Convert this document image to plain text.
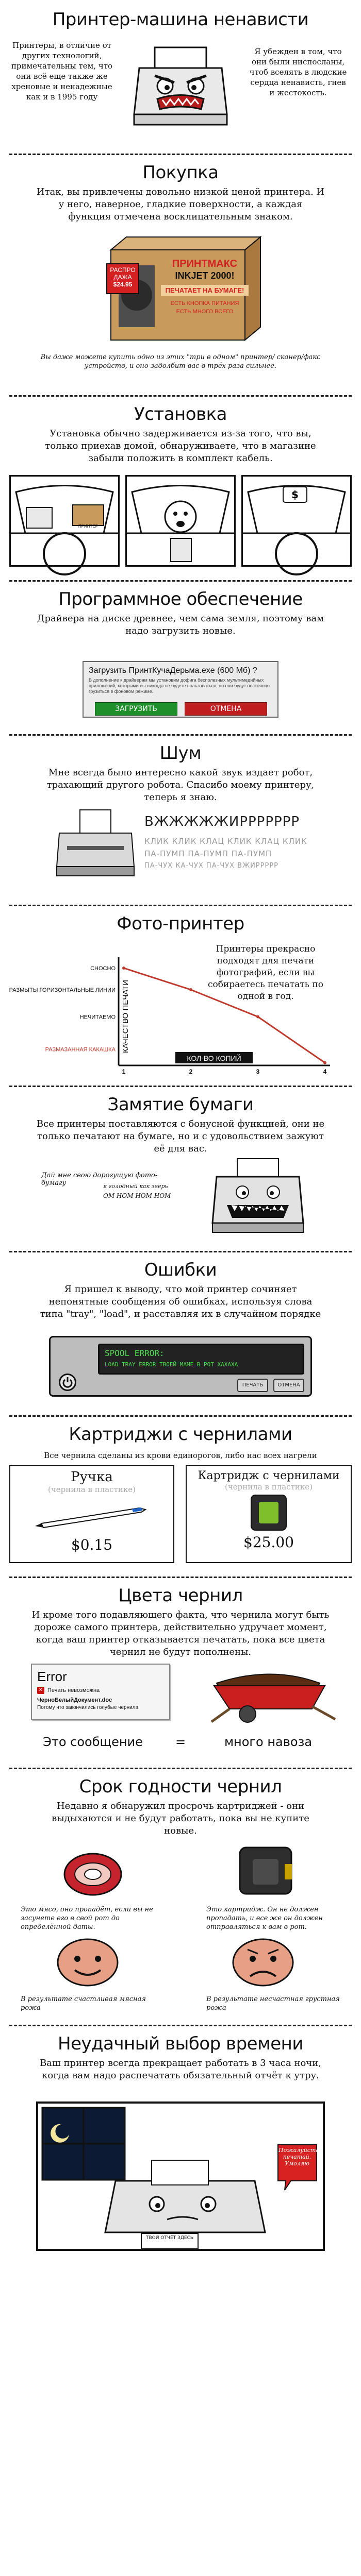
Принтер-машина ненависти
Принтеры, в отличие от других технологий, примечательны тем, что они всё еще также же хреновые и ненадежные как и в 1995 году
Я убежден в том, что они были ниспосланы, чтоб вселять в людские сердца ненависть, гнев и жестокость.
Покупка
Итак, вы привлечены довольно низкой ценой принтера. И у него, наверное, гладкие поверхности, а каждая функция отмечена восклицательным знаком.
РАСПРО
ДАЖА
$24.95
ПРИНТМАКС
INKJET 2000!
ПЕЧАТАЕТ НА БУМАГЕ!
ЕСТЬ КНОПКА ПИТАНИЯ
ЕСТЬ МНОГО ВСЕГО
Вы даже можете купить одно из этих "три в одном" принтер/ сканер/факс устройств, и оно задолбит вас в трёх раза сильнее.
Установка
Установка обычно задерживается из-за того, что вы, только приехав домой, обнаруживаете, что в магазине забыли положить в комплект кабель.
ПРИНТЕР
$
Программное обеспечение
Драйвера на диске древнее, чем сама земля, поэтому вам надо загрузить новые.
Загрузить ПринтКучаДерьма.exe (600 Мб) ?
В дополнение к драйверам мы установим дофига бесполезных мультимедийных приложений, которыми вы никогда не будете пользоваться, но они будут постоянно грузиться в фоновом режиме.
ЗАГРУЗИТЬ	ОТМЕНА
Шум
Мне всегда было интересно какой звук издает робот, трахающий другого робота. Спасибо моему принтеру, теперь я знаю.
ВЖЖЖЖЖИРРРРРРР
КЛИК КЛИК КЛАЦ КЛИК КЛАЦ КЛИК
ПА-ПУМП ПА-ПУМП ПА-ПУМП
ПА-ЧУХ КА-ЧУХ ПА-ЧУХ ВЖИРРРРР
Фото-принтер
Принтеры прекрасно подходят для печати фотографий, если вы собираетесь печатать по одной в год.
КАЧЕСТВО ПЕЧАТИ
СНОСНО
РАЗМЫТЫ ГОРИЗОНТАЛЬНЫЕ ЛИНИИ
НЕЧИТАЕМО
РАЗМАЗАННАЯ КАКАШКА
1	2	3	4
КОЛ-ВО КОПИЙ
Замятие бумаги
Все принтеры поставляются с бонусной функцией, они не только печатают на бумаге, но и с удовольствием зажуют её для вас.
Дай мне свою дорогущую фото-бумагу	я голодный как зверь
ОМ НОМ НОМ НОМ
Ошибки
Я пришел к выводу, что мой принтер сочиняет непонятные сообщения об ошибках, используя слова типа "tray", "load", и расставляя их в случайном порядке
SPOOL ERROR:
LOAD TRAY ERROR ТВОЕЙ МАМЕ В РОТ ХАХАХА
ПЕЧАТЬ	ОТМЕНА
Картриджи с чернилами
Все чернила сделаны из крови единорогов, либо нас всех нагрели
Ручка
(чернила в пластике)
$0.15
Картридж с чернилами
(чернила в пластике)
$25.00
Цвета чернил
И кроме того подавляющего факта, что чернила могут быть дороже самого принтера, действительно удручает момент, когда ваш принтер отказывается печатать, пока все цвета чернил не будут пополнены.
Error
✕ Печать невозможна
ЧерноБелыйДокумент.doc
Потому что закончились голубые чернила
Это сообщение	=	много навоза
Срок годности чернил
Недавно я обнаружил просрочь картриджей - они выдыхаются и не будут работать, пока вы не купите новые.
Это мясо, оно пропадёт, если вы не засунете его в свой рот до определённой даты.
Это картридж. Он не должен пропадать, и все же он должен отправляться к вам в рот.
В результате счастливая мясная рожа
В результате несчастная грустная рожа
Неудачный выбор времени
Ваш принтер всегда прекращает работать в 3 часа ночи, когда вам надо распечатать обязательный отчёт к утру.
Пожалуйста печатай. Умоляю
ТВОЙ ОТЧЁТ ЗДЕСЬ
